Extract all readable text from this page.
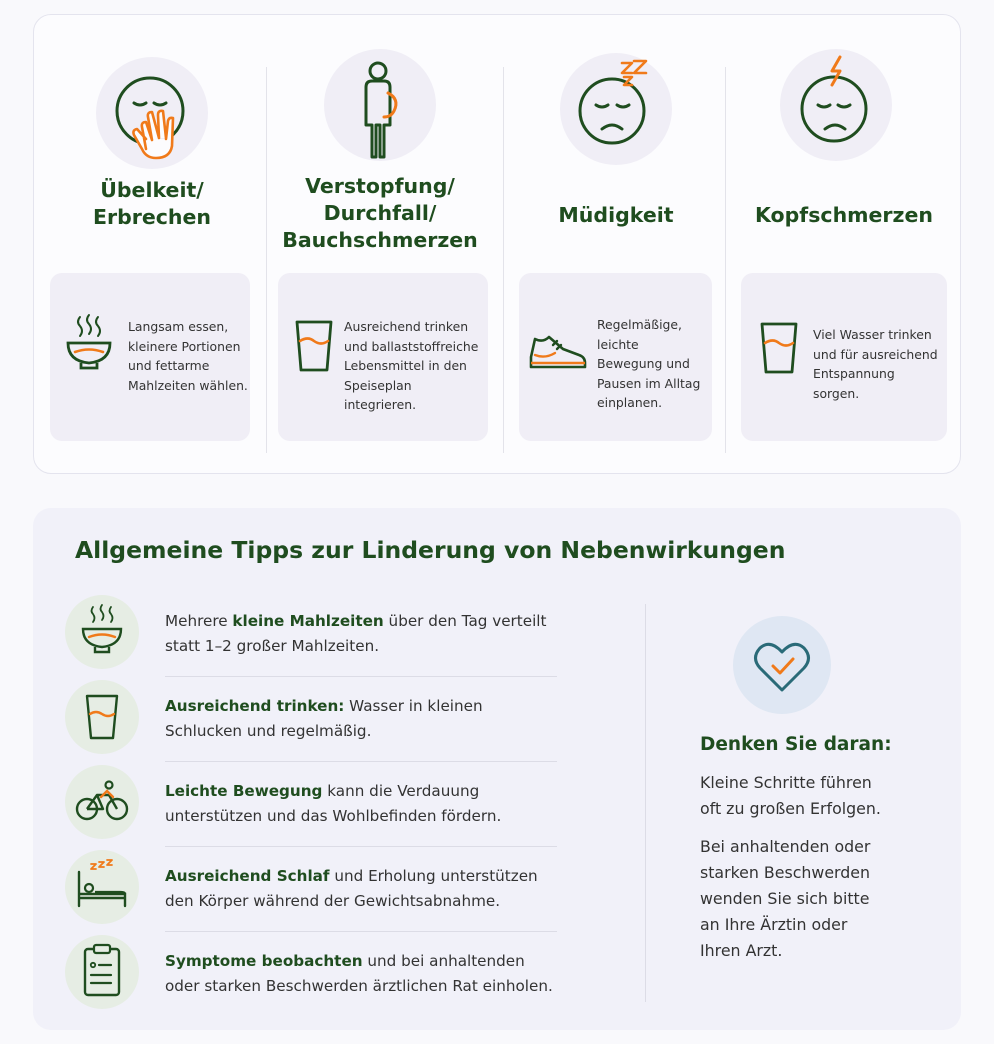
Übelkeit/
Erbrechen
Langsam essen,
kleinere Portionen
und fettarme
Mahlzeiten wählen.
Verstopfung/
Durchfall/
Bauchschmerzen
Ausreichend trinken
und ballaststoffreiche
Lebensmittel in den
Speiseplan integrieren.
Müdigkeit
Regelmäßige, leichte
Bewegung und
Pausen im Alltag
einplanen.
Kopfschmerzen
Viel Wasser trinken
und für ausreichend
Entspannung sorgen.
Allgemeine Tipps zur Linderung von Nebenwirkungen
Mehrere kleine Mahlzeiten über den Tag verteilt statt 1–2 großer Mahlzeiten.
Ausreichend trinken: Wasser in kleinen Schlucken und regelmäßig.
Leichte Bewegung kann die Verdauung unterstützen und das Wohlbefinden fördern.
Ausreichend Schlaf und Erholung unterstützen den Körper während der Gewichtsabnahme.
Symptome beobachten und bei anhaltenden oder starken Beschwerden ärztlichen Rat einholen.
Denken Sie daran:
Kleine Schritte führen
oft zu großen Erfolgen.
Bei anhaltenden oder
starken Beschwerden
wenden Sie sich bitte
an Ihre Ärztin oder
Ihren Arzt.
